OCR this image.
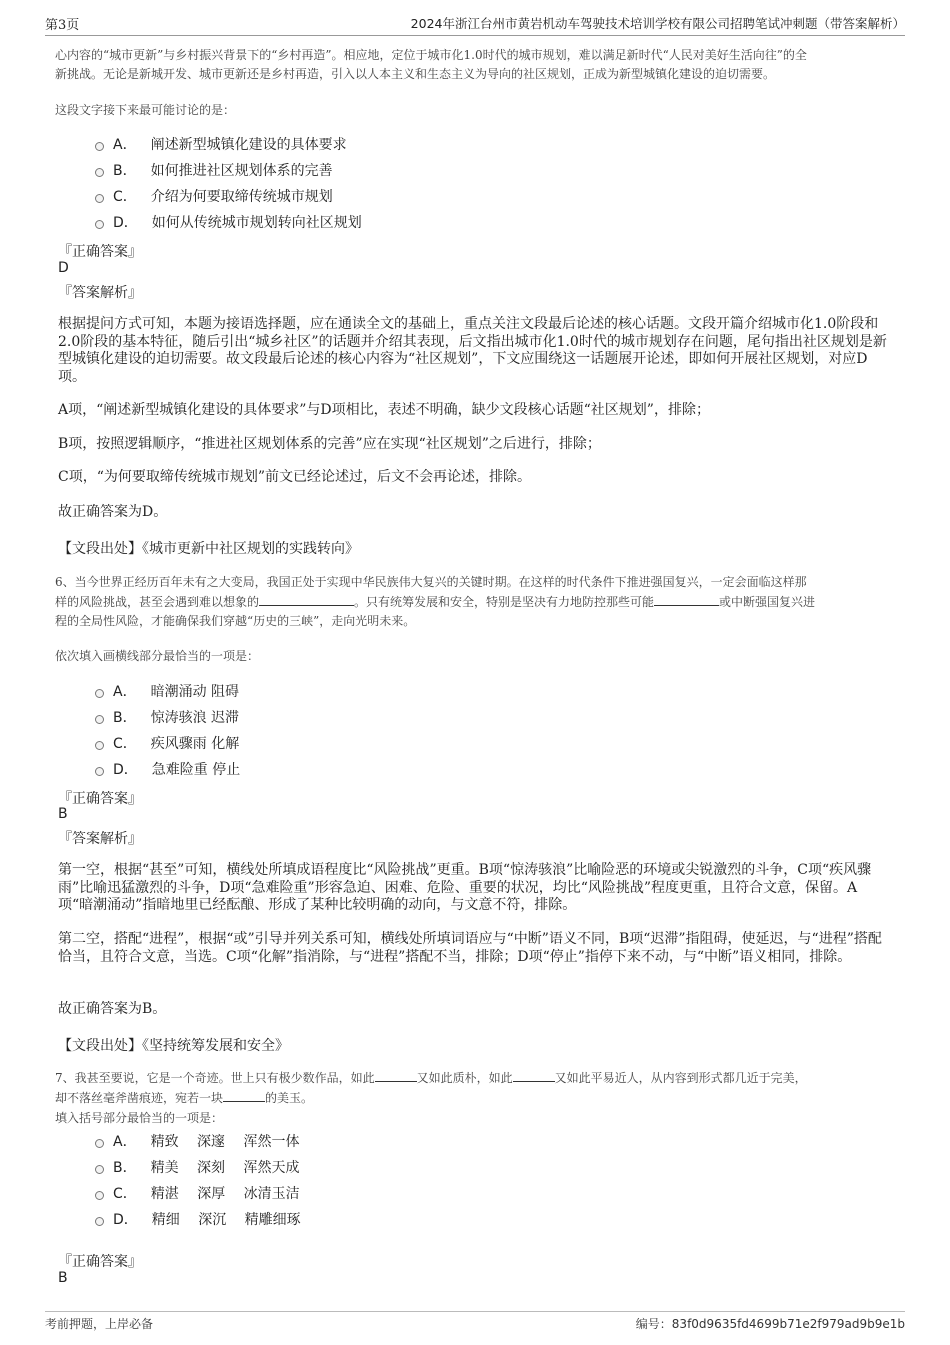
第3页	2024年浙江台州市黄岩机动车驾驶技术培训学校有限公司招聘笔试冲刺题（带答案解析）
心内容的“城市更新”与乡村振兴背景下的“乡村再造”。相应地，定位于城市化1.0时代的城市规划，难以满足新时代“人民对美好生活向往”的全
新挑战。无论是新城开发、城市更新还是乡村再造，引入以人本主义和生态主义为导向的社区规划，正成为新型城镇化建设的迫切需要。
这段文字接下来最可能讨论的是：
A． 阐述新型城镇化建设的具体要求
B． 如何推进社区规划体系的完善
C． 介绍为何要取缔传统城市规划
D． 如何从传统城市规划转向社区规划
『正确答案』
D
『答案解析』
根据提问方式可知，本题为接语选择题，应在通读全文的基础上，重点关注文段最后论述的核心话题。文段开篇介绍城市化1.0阶段和2.0阶段的基本特征，随后引出“城乡社区”的话题并介绍其表现，后文指出城市化1.0时代的城市规划存在问题，尾句指出社区规划是新型城镇化建设的迫切需要。故文段最后论述的核心内容为“社区规划”，下文应围绕这一话题展开论述，即如何开展社区规划，对应D项。
A项，“阐述新型城镇化建设的具体要求”与D项相比，表述不明确，缺少文段核心话题“社区规划”，排除；
B项，按照逻辑顺序，“推进社区规划体系的完善”应在实现“社区规划”之后进行，排除；
C项，“为何要取缔传统城市规划”前文已经论述过，后文不会再论述，排除。
故正确答案为D。
【文段出处】《城市更新中社区规划的实践转向》
6、当今世界正经历百年未有之大变局，我国正处于实现中华民族伟大复兴的关键时期。在这样的时代条件下推进强国复兴，一定会面临这样那
样的风险挑战，甚至会遇到难以想象的	。只有统筹发展和安全，特别是坚决有力地防控那些可能	或中断强国复兴进
程的全局性风险，才能确保我们穿越“历史的三峡”，走向光明未来。
依次填入画横线部分最恰当的一项是：
A． 暗潮涌动 阻碍
B． 惊涛骇浪 迟滞
C． 疾风骤雨 化解
D． 急难险重 停止
『正确答案』
B
『答案解析』
第一空，根据“甚至”可知，横线处所填成语程度比“风险挑战”更重。B项“惊涛骇浪”比喻险恶的环境或尖锐激烈的斗争，C项“疾风骤雨”比喻迅猛激烈的斗争，D项“急难险重”形容急迫、困难、危险、重要的状况，均比“风险挑战”程度更重，且符合文意，保留。A项“暗潮涌动”指暗地里已经酝酿、形成了某种比较明确的动向，与文意不符，排除。
第二空，搭配“进程”，根据“或”引导并列关系可知，横线处所填词语应与“中断”语义不同，B项“迟滞”指阻碍，使延迟，与“进程”搭配恰当，且符合文意，当选。C项“化解”指消除，与“进程”搭配不当，排除；D项“停止”指停下来不动，与“中断”语义相同，排除。
故正确答案为B。
【文段出处】《坚持统筹发展和安全》
7、我甚至要说，它是一个奇迹。世上只有极少数作品，如此	又如此质朴，如此	又如此平易近人，从内容到形式都几近于完美，
却不落丝毫斧凿痕迹，宛若一块	的美玉。
填入括号部分最恰当的一项是：
A． 精致　 深邃　 浑然一体
B． 精美　 深刻　 浑然天成
C． 精湛　 深厚　 冰清玉洁
D． 精细　 深沉　 精雕细琢
『正确答案』
B
考前押题，上岸必备	编号：83f0d9635fd4699b71e2f979ad9b9e1b
